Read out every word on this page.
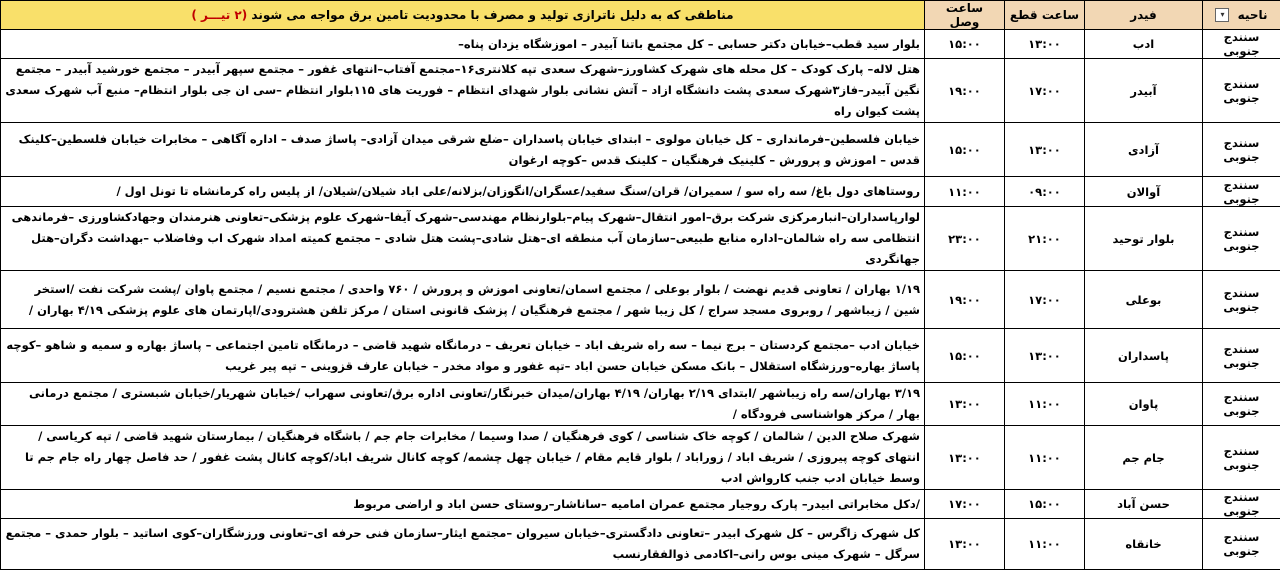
ناحیه ▾	فیدر	ساعت قطع	ساعت وصل	مناطقی که به دلیل ناترازی تولید و مصرف با محدودیت تامین برق مواجه می شوند (۲ تیـــر )
سنندج جنوبی	ادب	۱۳:۰۰	۱۵:۰۰	بلوار سید قطب–خیابان دکتر حسابی – کل مجتمع باتنا آبیدر – اموزشگاه یزدان پناه–
سنندج جنوبی	آبیدر	۱۷:۰۰	۱۹:۰۰	هتل لاله– پارک کودک – کل محله های شهرک کشاورز–شهرک سعدی تپه کلانتری۱۶–مجتمع آفتاب–انتهای غفور – مجتمع سپهر آبیدر – مجتمع خورشید آبیدر – مجتمع نگین آبیدر–فاز۳شهرک سعدی پشت دانشگاه ازاد – آتش نشانی بلوار شهدای انتظام – فوریت های ۱۱۵بلوار انتظام –سی ان جی بلوار انتظام– منبع آب شهرک سعدی پشت کیوان راه
سنندج جنوبی	آزادی	۱۳:۰۰	۱۵:۰۰	خیابان فلسطین–فرمانداری – کل خیابان مولوی – ابتدای خیابان پاسداران –ضلع شرقی میدان آزادی– پاساژ صدف – اداره آگاهی – مخابرات خیابان فلسطین–کلینک قدس – اموزش و پرورش – کلینیک فرهنگیان – کلینک قدس –کوچه ارغوان
سنندج جنوبی	آوالان	۰۹:۰۰	۱۱:۰۰	روستاهای دول باغ/ سه راه سو / سمیران/ قران/سنگ سفید/عسگران/انگوزان/بزلانه/علی اباد شیلان/شیلان/ از پلیس راه کرمانشاه تا تونل اول /
سنندج جنوبی	بلوار توحید	۲۱:۰۰	۲۳:۰۰	لوارپاسداران–انبارمرکزی شرکت برق–امور انتقال–شهرک پیام–بلوارنظام مهندسی–شهرک آیفا–شهرک علوم پزشکی–تعاونی هنرمندان وجهادکشاورزی –فرماندهی انتظامی سه راه شالمان–اداره منابع طبیعی–سازمان آب منطقه ای–هتل شادی–پشت هتل شادی – مجتمع کمیته امداد شهرک اب وفاضلاب –بهداشت دگران–هتل جهانگردی
سنندج جنوبی	بوعلی	۱۷:۰۰	۱۹:۰۰	۱/۱۹ بهاران / تعاونی قدیم نهضت / بلوار بوعلی / مجتمع اسمان/تعاونی اموزش و پرورش / ۷۶۰ واحدی / مجتمع نسیم / مجتمع پاوان /پشت شرکت نفت /استخر شین / زیباشهر / روبروی مسجد سراج / کل زیبا شهر / مجتمع فرهنگیان / پزشک قانونی استان / مرکز تلفن هشترودی/اپارتمان های علوم پزشکی ۴/۱۹ بهاران /
سنندج جنوبی	پاسداران	۱۳:۰۰	۱۵:۰۰	خیابان ادب –مجتمع کردستان – برج نیما – سه راه شریف اباد – خیابان تعریف – درمانگاه شهید قاضی – درمانگاه تامین اجتماعی – پاساژ بهاره و سمیه و شاهو –کوچه پاساژ بهاره–ورزشگاه استقلال – بانک مسکن خیابان حسن اباد –تپه غفور و مواد مخدر – خیابان عارف قزوینی – تپه پیر غریب
سنندج جنوبی	پاوان	۱۱:۰۰	۱۳:۰۰	۳/۱۹ بهاران/سه راه زیباشهر /ابتدای ۲/۱۹ بهاران/ ۴/۱۹ بهاران/میدان خبرنگار/تعاونی اداره برق/تعاونی سهراب /خیابان شهریار/خیابان شبستری / مجتمع درمانی بهار / مرکز هواشناسی فرودگاه /
سنندج جنوبی	جام جم	۱۱:۰۰	۱۳:۰۰	شهرک صلاح الدین / شالمان / کوچه خاک شناسی / کوی فرهنگیان / صدا وسیما / مخابرات جام جم / باشگاه فرهنگیان / بیمارستان شهید قاضی / تپه کریاسی / انتهای کوچه پیروزی / شریف اباد / زوراباد / بلوار قایم مقام / خیابان چهل چشمه/ کوچه کانال شریف اباد/کوچه کانال پشت غفور / حد فاصل چهار راه جام جم تا وسط خیابان ادب جنب کارواش ادب
سنندج جنوبی	حسن آباد	۱۵:۰۰	۱۷:۰۰	/دکل مخابراتی ابیدر– پارک روجیار مجتمع عمران امامیه –ساناشار–روستای حسن اباد و اراضی مربوط
سنندج جنوبی	خانقاه	۱۱:۰۰	۱۳:۰۰	کل شهرک زاگرس – کل شهرک ابیدر –تعاونی دادگستری–خیابان سیروان –مجتمع ایثار–سازمان فنی حرفه ای–تعاونی ورزشگاران–کوی اساتید – بلوار حمدی – مجتمع سرگل – شهرک مینی بوس رانی–اکادمی ذوالفقارنسب
